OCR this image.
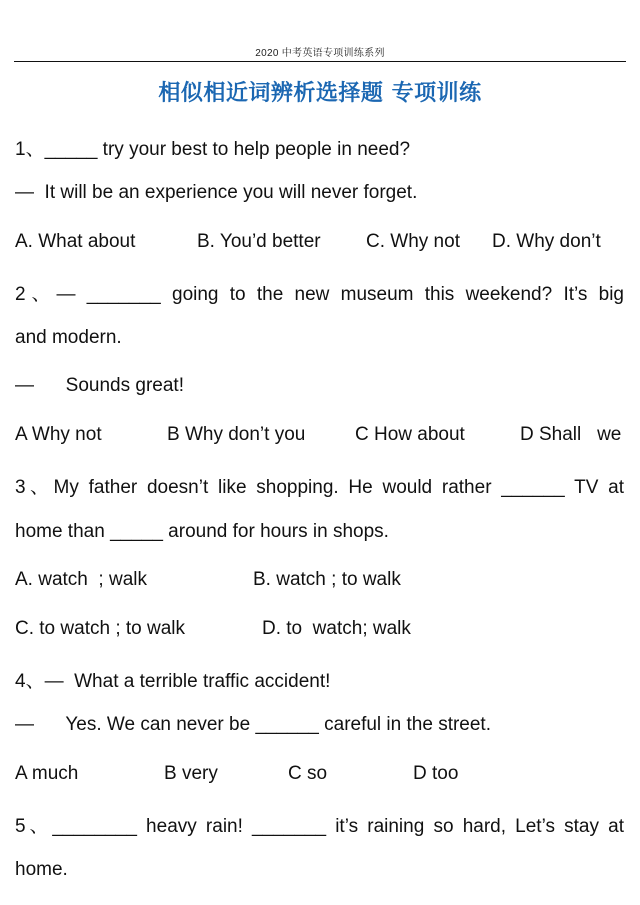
2020 中考英语专项训练系列
相似相近词辨析选择题 专项训练
1、_____ try your best to help people in need?
—  It will be an experience you will never forget.
A. What about	B. You’d better C. Why not D. Why don’t
2、— _______ going to the new museum this weekend? It’s big
and modern.
—      Sounds great!
A Why not	B Why don’t you	C How about	D Shall   we
3、My father doesn’t like shopping. He would rather ______ TV at
home than _____ around for hours in shops.
A. watch  ; walk	B. watch ; to walk
C. to watch ; to walk	D. to  watch; walk
4、—  What a terrible traffic accident!
—      Yes. We can never be ______ careful in the street.
A much	B very	C so	D too
5、________ heavy rain! _______ it’s raining so hard, Let’s stay at
home.
